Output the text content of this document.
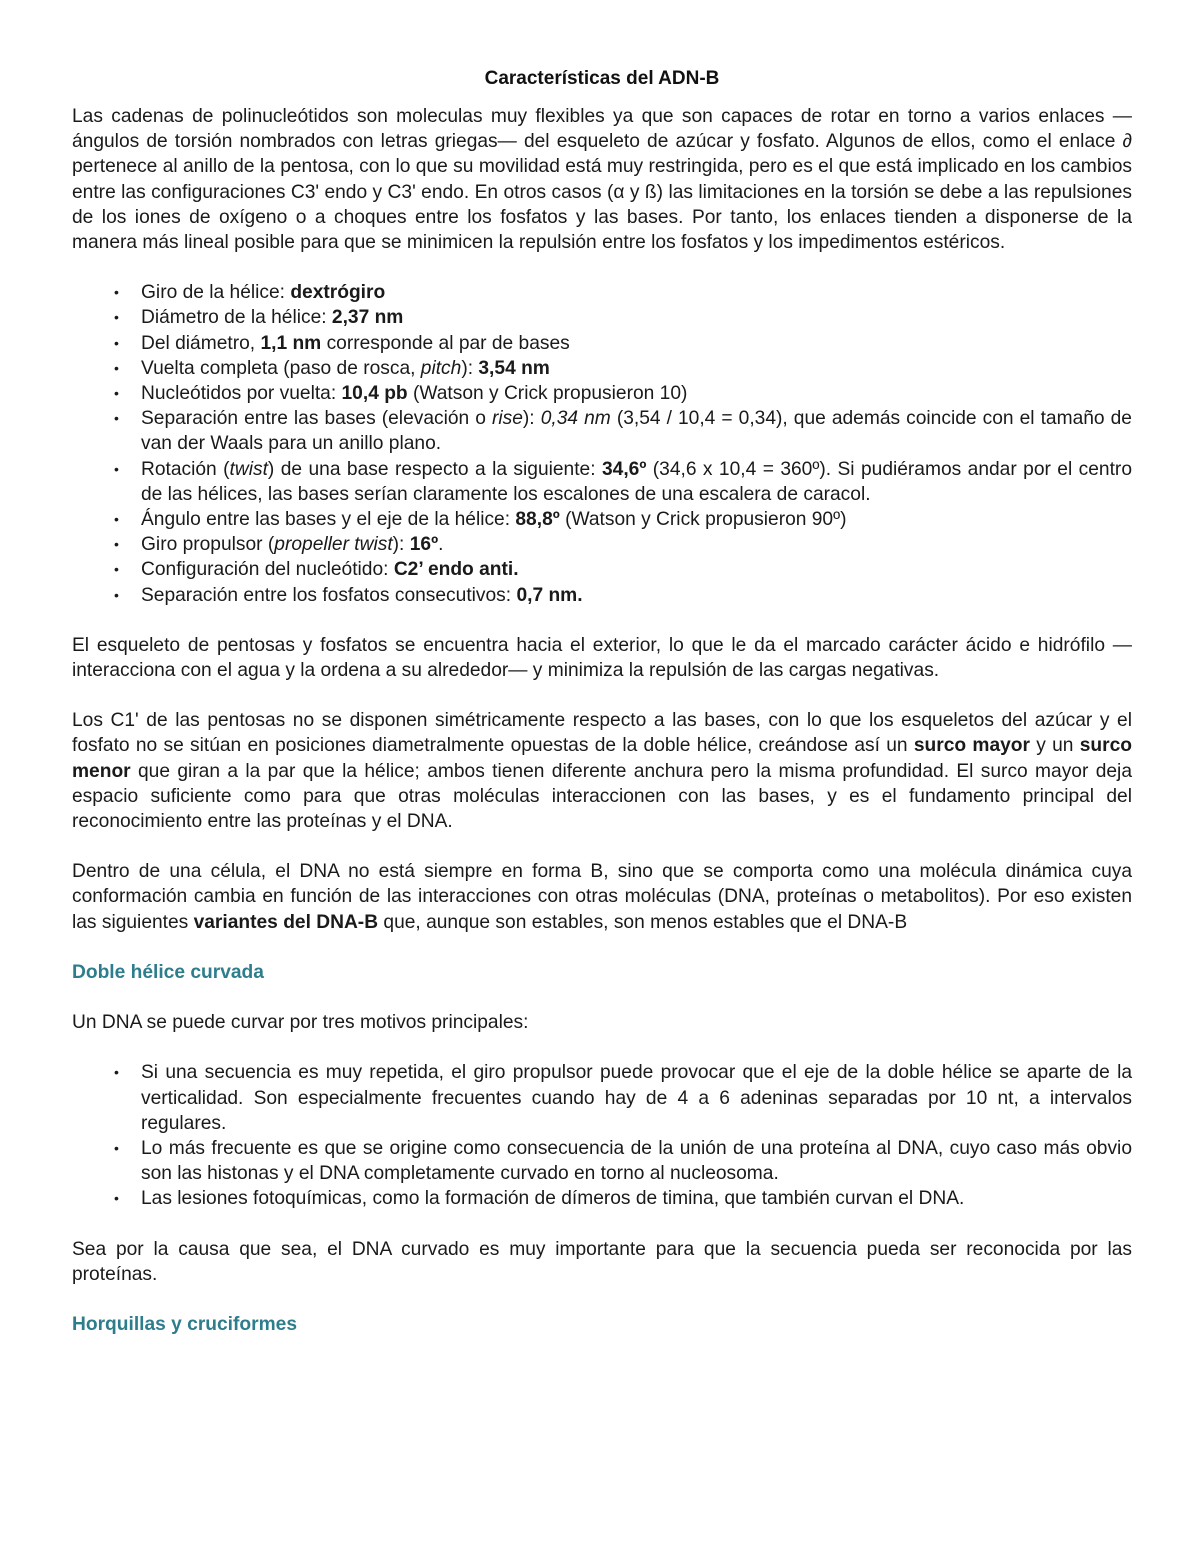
Características del ADN-B

Las cadenas de polinucleótidos son moleculas muy flexibles ya que son capaces de rotar en torno a varios enlaces —ángulos de torsión nombrados con letras griegas— del esqueleto de azúcar y fosfato. Algunos de ellos, como el enlace ∂ pertenece al anillo de la pentosa, con lo que su movilidad está muy restringida, pero es el que está implicado en los cambios entre las configuraciones C3' endo y C3' endo. En otros casos (α y ß) las limitaciones en la torsión se debe a las repulsiones de los iones de oxígeno o a choques entre los fosfatos y las bases. Por tanto, los enlaces tienden a disponerse de la manera más lineal posible para que se minimicen la repulsión entre los fosfatos y los impedimentos estéricos.

• Giro de la hélice: dextrógiro
• Diámetro de la hélice: 2,37 nm
• Del diámetro, 1,1 nm corresponde al par de bases
• Vuelta completa (paso de rosca, pitch): 3,54 nm
• Nucleótidos por vuelta: 10,4 pb (Watson y Crick propusieron 10)
• Separación entre las bases (elevación o rise): 0,34 nm (3,54 / 10,4 = 0,34), que además coincide con el tamaño de van der Waals para un anillo plano.
• Rotación (twist) de una base respecto a la siguiente: 34,6º (34,6 x 10,4 = 360º). Si pudiéramos andar por el centro de las hélices, las bases serían claramente los escalones de una escalera de caracol.
• Ángulo entre las bases y el eje de la hélice: 88,8º (Watson y Crick propusieron 90º)
• Giro propulsor (propeller twist): 16º.
• Configuración del nucleótido: C2’ endo anti.
• Separación entre los fosfatos consecutivos: 0,7 nm.

El esqueleto de pentosas y fosfatos se encuentra hacia el exterior, lo que le da el marcado carácter ácido e hidrófilo —interacciona con el agua y la ordena a su alrededor— y minimiza la repulsión de las cargas negativas.

Los C1' de las pentosas no se disponen simétricamente respecto a las bases, con lo que los esqueletos del azúcar y el fosfato no se sitúan en posiciones diametralmente opuestas de la doble hélice, creándose así un surco mayor y un surco menor que giran a la par que la hélice; ambos tienen diferente anchura pero la misma profundidad. El surco mayor deja espacio suficiente como para que otras moléculas interaccionen con las bases, y es el fundamento principal del reconocimiento entre las proteínas y el DNA.

Dentro de una célula, el DNA no está siempre en forma B, sino que se comporta como una molécula dinámica cuya conformación cambia en función de las interacciones con otras moléculas (DNA, proteínas o metabolitos). Por eso existen las siguientes variantes del DNA-B que, aunque son estables, son menos estables que el DNA-B

Doble hélice curvada

Un DNA se puede curvar por tres motivos principales:

• Si una secuencia es muy repetida, el giro propulsor puede provocar que el eje de la doble hélice se aparte de la verticalidad. Son especialmente frecuentes cuando hay de 4 a 6 adeninas separadas por 10 nt, a intervalos regulares.
• Lo más frecuente es que se origine como consecuencia de la unión de una proteína al DNA, cuyo caso más obvio son las histonas y el DNA completamente curvado en torno al nucleosoma.
• Las lesiones fotoquímicas, como la formación de dímeros de timina, que también curvan el DNA.

Sea por la causa que sea, el DNA curvado es muy importante para que la secuencia pueda ser reconocida por las proteínas.

Horquillas y cruciformes
